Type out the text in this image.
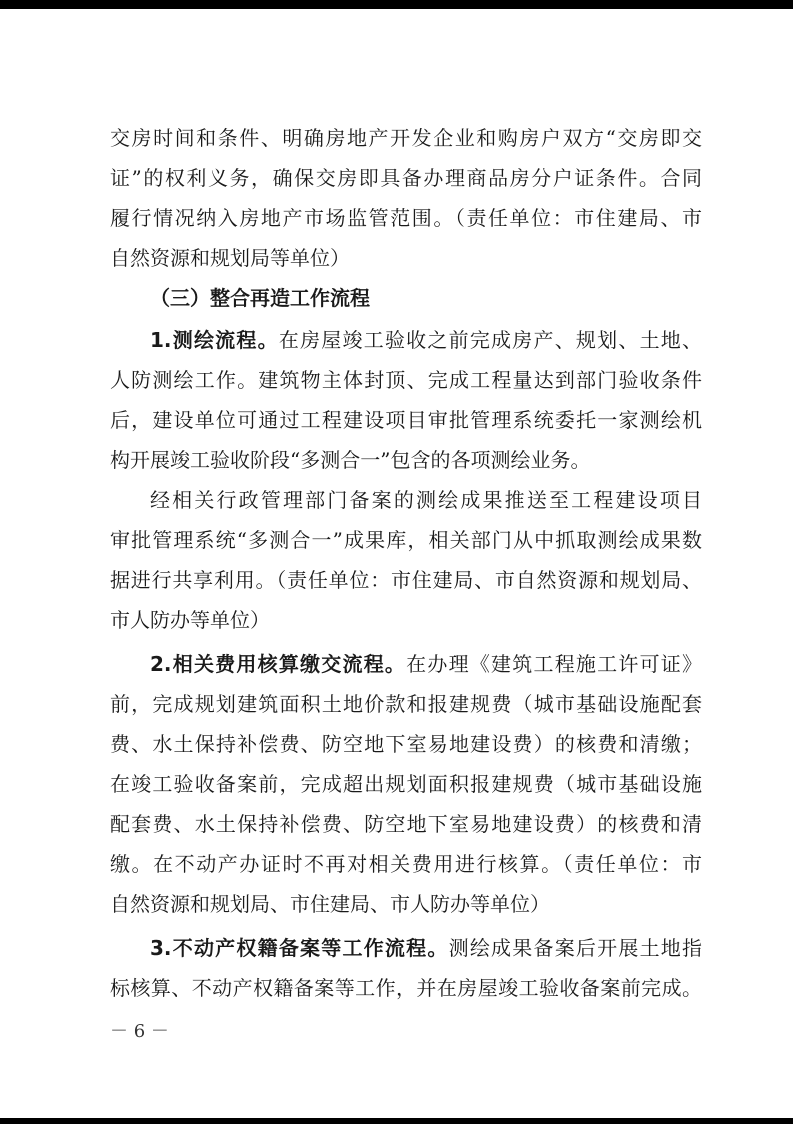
交房时间和条件、明确房地产开发企业和购房户双方“交房即交
证”的权利义务，确保交房即具备办理商品房分户证条件。合同
履行情况纳入房地产市场监管范围。（责任单位：市住建局、市
自然资源和规划局等单位）
（三）整合再造工作流程
1.测绘流程。在房屋竣工验收之前完成房产、规划、土地、
人防测绘工作。建筑物主体封顶、完成工程量达到部门验收条件
后，建设单位可通过工程建设项目审批管理系统委托一家测绘机
构开展竣工验收阶段“多测合一”包含的各项测绘业务。
经相关行政管理部门备案的测绘成果推送至工程建设项目
审批管理系统“多测合一”成果库，相关部门从中抓取测绘成果数
据进行共享利用。（责任单位：市住建局、市自然资源和规划局、
市人防办等单位）
2.相关费用核算缴交流程。在办理《建筑工程施工许可证》
前，完成规划建筑面积土地价款和报建规费（城市基础设施配套
费、水土保持补偿费、防空地下室易地建设费）的核费和清缴；
在竣工验收备案前，完成超出规划面积报建规费（城市基础设施
配套费、水土保持补偿费、防空地下室易地建设费）的核费和清
缴。在不动产办证时不再对相关费用进行核算。（责任单位：市
自然资源和规划局、市住建局、市人防办等单位）
3.不动产权籍备案等工作流程。测绘成果备案后开展土地指
标核算、不动产权籍备案等工作，并在房屋竣工验收备案前完成。
－ 6 －
